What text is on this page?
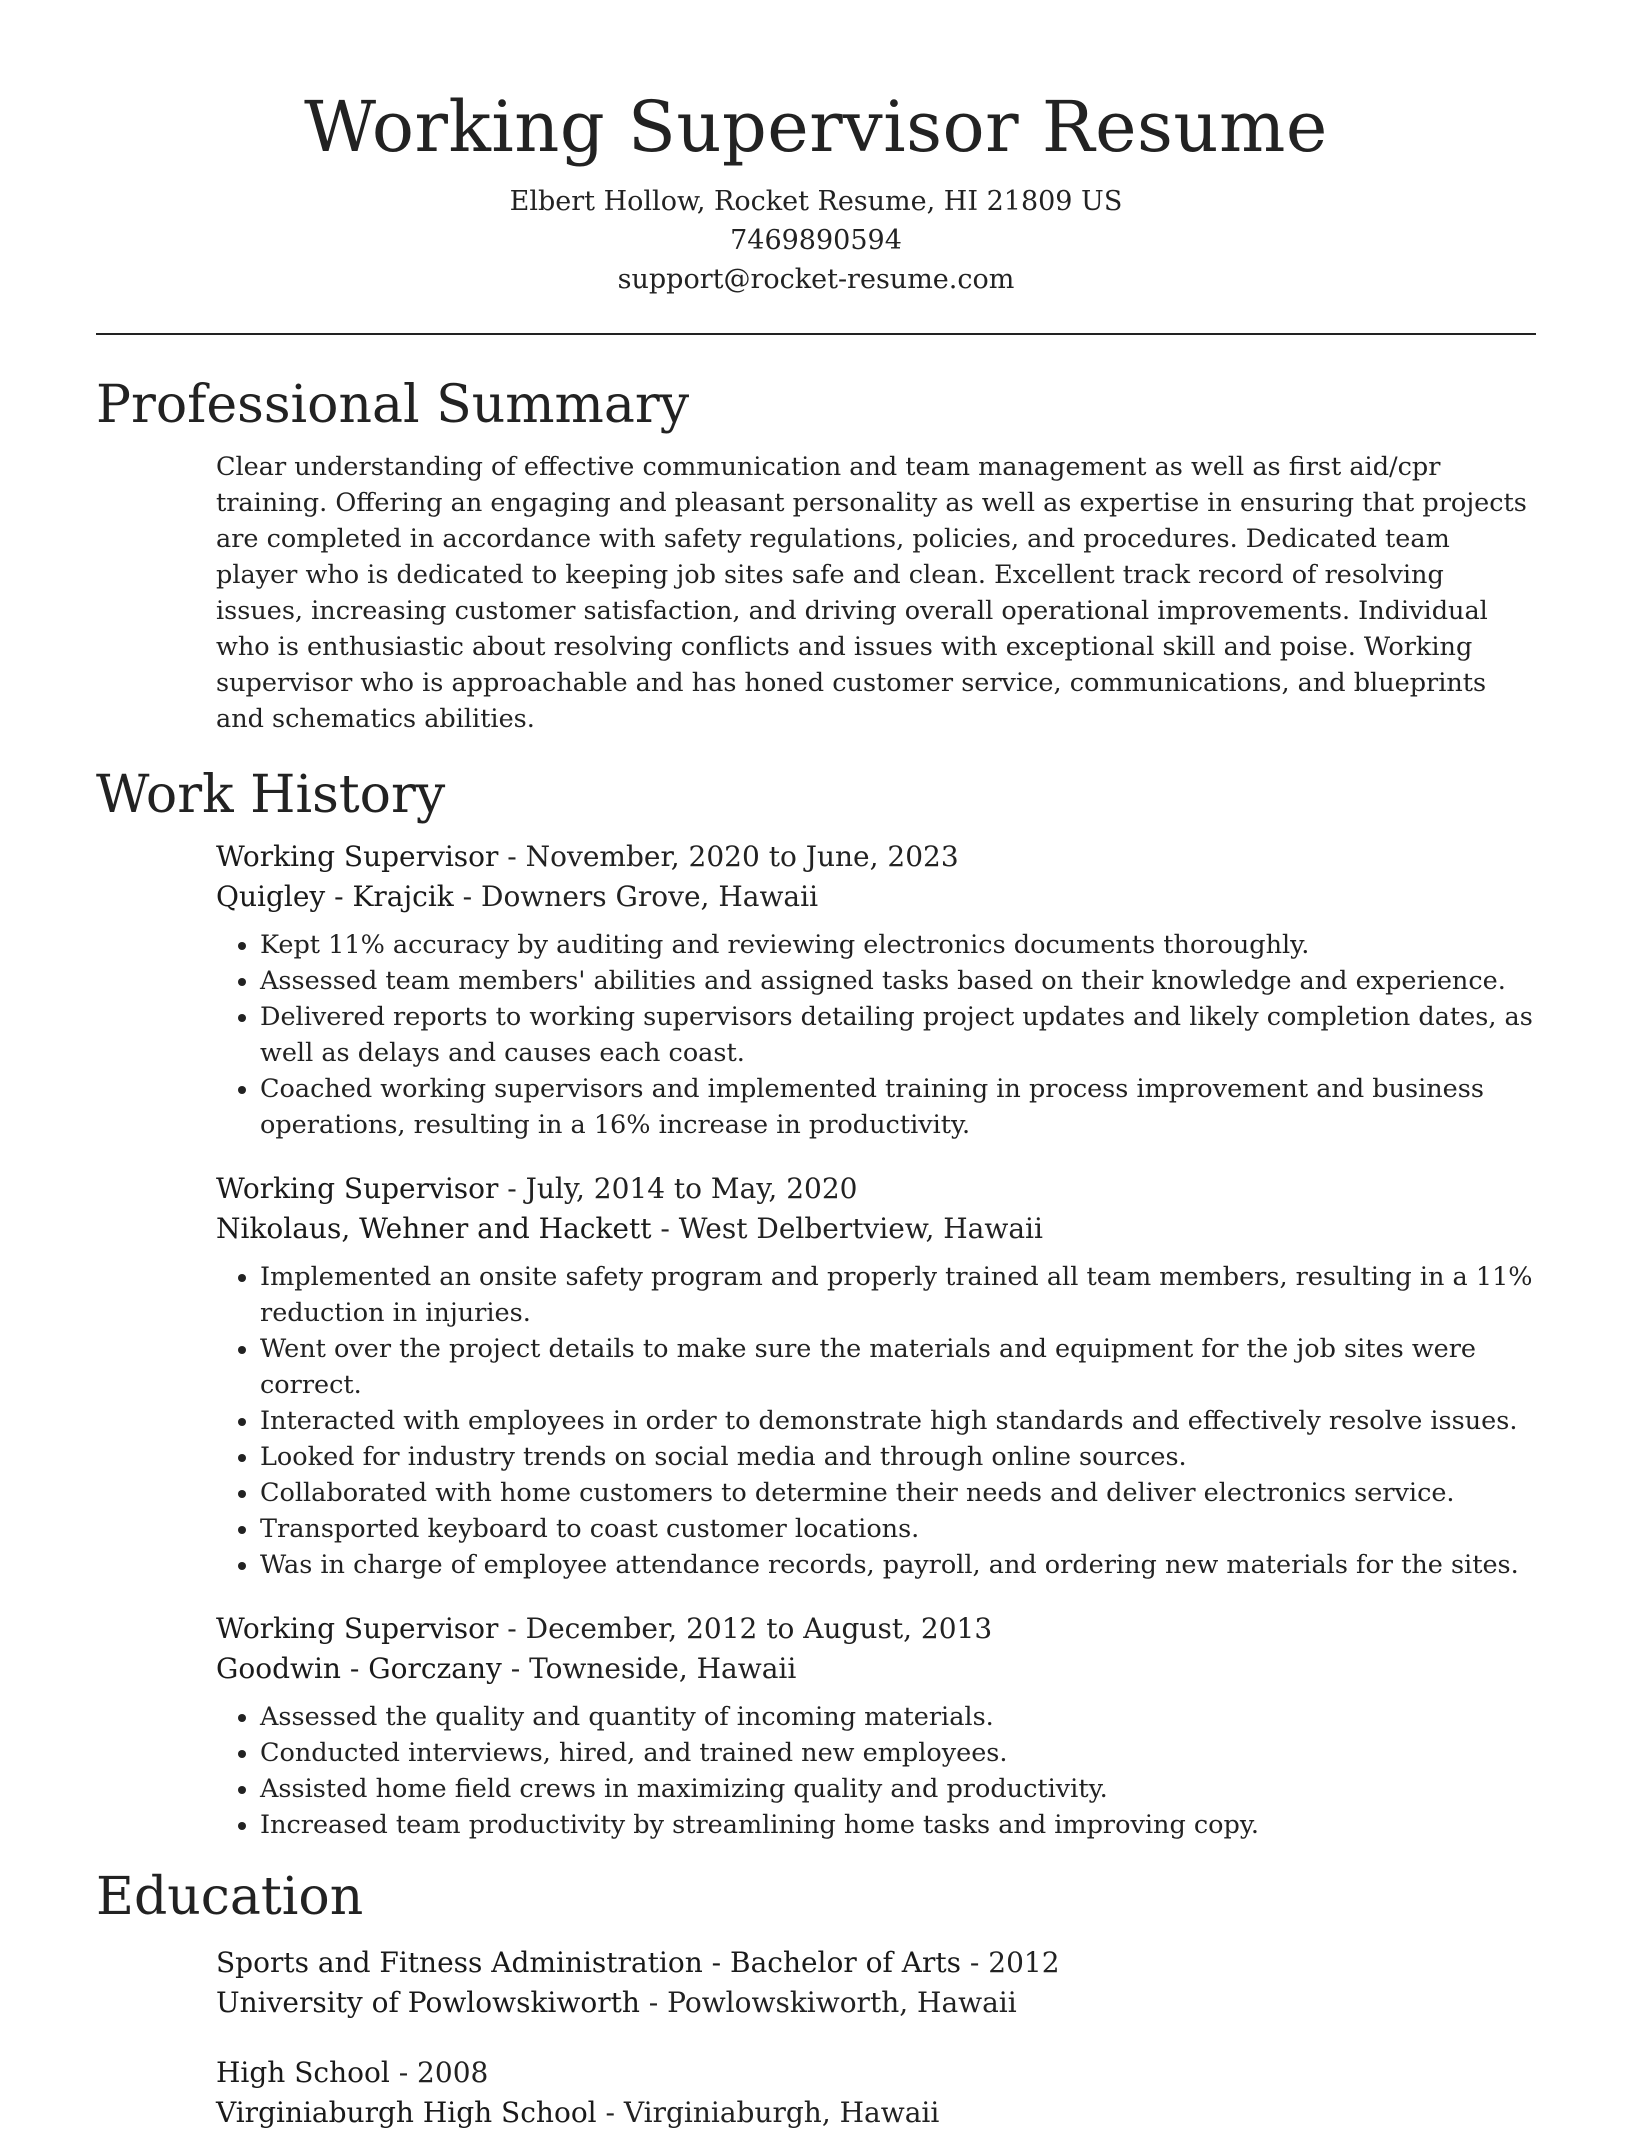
Working Supervisor Resume
Elbert Hollow, Rocket Resume, HI 21809 US
7469890594
support@rocket-resume.com
Professional Summary
Clear understanding of effective communication and team management as well as first aid/cpr training. Offering an engaging and pleasant personality as well as expertise in ensuring that projects are completed in accordance with safety regulations, policies, and procedures. Dedicated team player who is dedicated to keeping job sites safe and clean. Excellent track record of resolving issues, increasing customer satisfaction, and driving overall operational improvements. Individual who is enthusiastic about resolving conflicts and issues with exceptional skill and poise. Working supervisor who is approachable and has honed customer service, communications, and blueprints and schematics abilities.
Work History
Working Supervisor - November, 2020 to June, 2023
Quigley - Krajcik - Downers Grove, Hawaii
• Kept 11% accuracy by auditing and reviewing electronics documents thoroughly.
• Assessed team members' abilities and assigned tasks based on their knowledge and experience.
• Delivered reports to working supervisors detailing project updates and likely completion dates, as well as delays and causes each coast.
• Coached working supervisors and implemented training in process improvement and business operations, resulting in a 16% increase in productivity.
Working Supervisor - July, 2014 to May, 2020
Nikolaus, Wehner and Hackett - West Delbertview, Hawaii
• Implemented an onsite safety program and properly trained all team members, resulting in a 11% reduction in injuries.
• Went over the project details to make sure the materials and equipment for the job sites were correct.
• Interacted with employees in order to demonstrate high standards and effectively resolve issues.
• Looked for industry trends on social media and through online sources.
• Collaborated with home customers to determine their needs and deliver electronics service.
• Transported keyboard to coast customer locations.
• Was in charge of employee attendance records, payroll, and ordering new materials for the sites.
Working Supervisor - December, 2012 to August, 2013
Goodwin - Gorczany - Towneside, Hawaii
• Assessed the quality and quantity of incoming materials.
• Conducted interviews, hired, and trained new employees.
• Assisted home field crews in maximizing quality and productivity.
• Increased team productivity by streamlining home tasks and improving copy.
Education
Sports and Fitness Administration - Bachelor of Arts - 2012
University of Powlowskiworth - Powlowskiworth, Hawaii
High School - 2008
Virginiaburgh High School - Virginiaburgh, Hawaii
